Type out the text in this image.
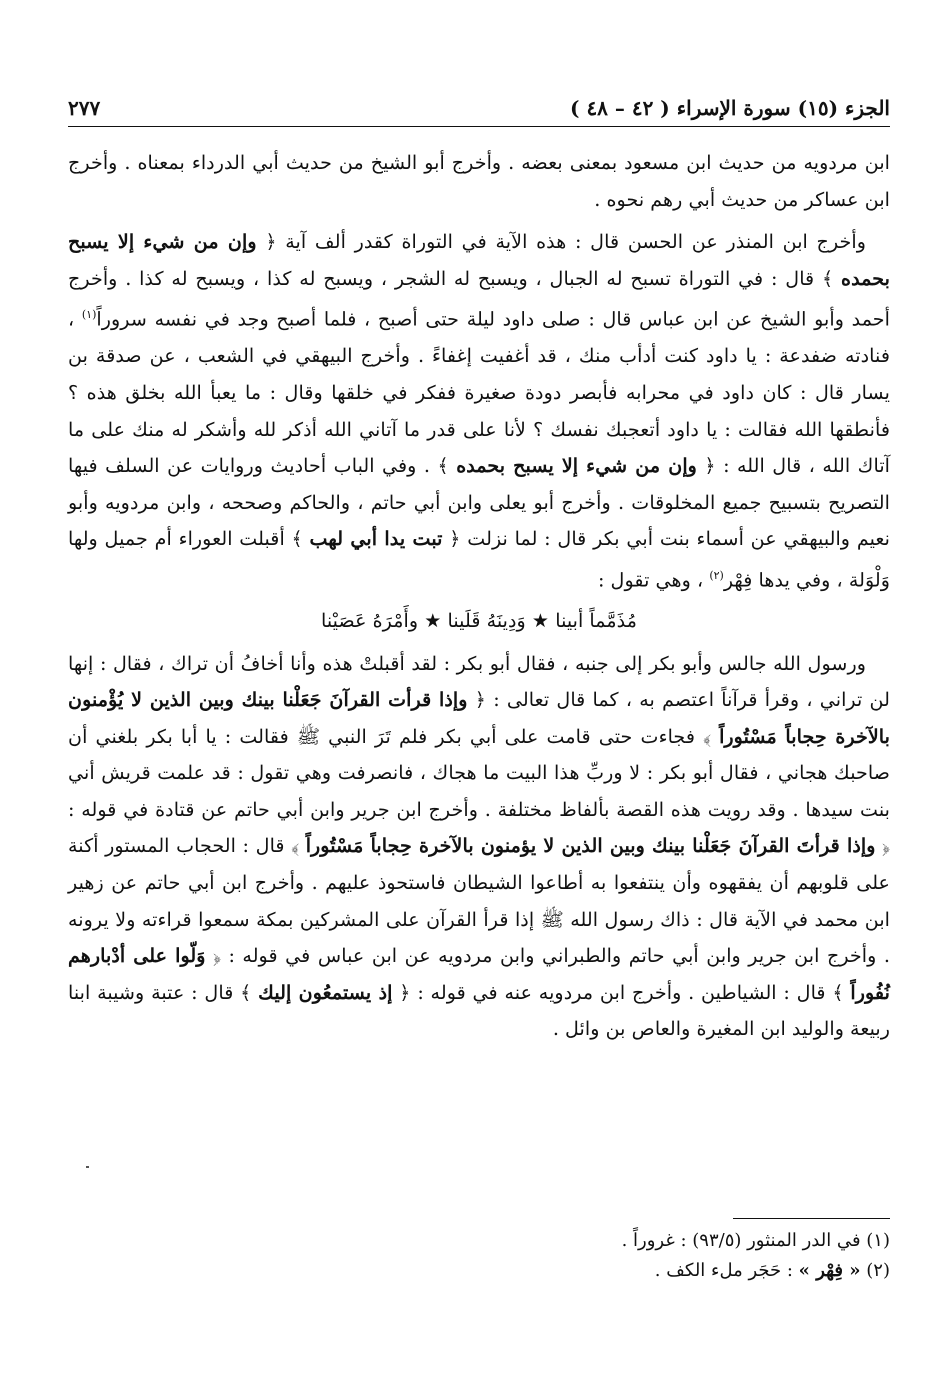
الجزء (١٥) سورة الإسراء ( ٤٢ – ٤٨ )
٢٧٧

ابن مردويه من حديث ابن مسعود بمعنى بعضه . وأخرج أبو الشيخ من حديث أبي الدرداء بمعناه . وأخرج ابن عساكر من حديث أبي رهم نحوه .

وأخرج ابن المنذر عن الحسن قال : هذه الآية في التوراة كقدر ألف آية ﴿ وإن من شيء إلا يسبح بحمده ﴾ قال : في التوراة تسبح له الجبال ، ويسبح له الشجر ، ويسبح له كذا ، ويسبح له كذا . وأخرج أحمد وأبو الشيخ عن ابن عباس قال : صلى داود ليلة حتى أصبح ، فلما أصبح وجد في نفسه سروراً$^{(١)}$ ، فنادته ضفدعة : يا داود كنت أدأب منك ، قد أغفيت إغفاءً . وأخرج البيهقي في الشعب ، عن صدقة بن يسار قال : كان داود في محرابه فأبصر دودة صغيرة ففكر في خلقها وقال : ما يعبأ الله بخلق هذه ؟ فأنطقها الله فقالت : يا داود أتعجبك نفسك ؟ لأنا على قدر ما آتاني الله أذكر لله وأشكر له منك على ما آتاك الله ، قال الله : ﴿ وإن من شيء إلا يسبح بحمده ﴾ . وفي الباب أحاديث وروايات عن السلف فيها التصريح بتسبيح جميع المخلوقات . وأخرج أبو يعلى وابن أبي حاتم ، والحاكم وصححه ، وابن مردويه وأبو نعيم والبيهقي عن أسماء بنت أبي بكر قال : لما نزلت ﴿ تبت يدا أبي لهب ﴾ أقبلت العوراء أم جميل ولها وَلْوَلة ، وفي يدها فِهْر$^{(٢)}$ ، وهي تقول :

مُذَمَّماً أبينا ★ وَدِينَهُ قَلَينا ★ وأَمْرَهُ عَصَيْنا

ورسول الله جالس وأبو بكر إلى جنبه ، فقال أبو بكر : لقد أقبلتْ هذه وأنا أخافُ أن تراك ، فقال : إنها لن تراني ، وقرأ قرآناً اعتصم به ، كما قال تعالى : ﴿ وإذا قرأت القرآنَ جَعَلْنا بينك وبين الذين لا يُؤْمنون بالآخرة حِجاباً مَسْتُوراً ﴾ فجاءت حتى قامت على أبي بكر فلم تَرَ النبي ﷺ فقالت : يا أبا بكر بلغني أن صاحبك هجاني ، فقال أبو بكر : لا وربِّ هذا البيت ما هجاك ، فانصرفت وهي تقول : قد علمت قريش أني بنت سيدها . وقد رويت هذه القصة بألفاظ مختلفة . وأخرج ابن جرير وابن أبي حاتم عن قتادة في قوله : ﴿ وإذا قرأتَ القرآنَ جَعَلْنا بينك وبين الذين لا يؤمنون بالآخرة حِجاباً مَسْتُوراً ﴾ قال : الحجاب المستور أكنة على قلوبهم أن يفقهوه وأن ينتفعوا به أطاعوا الشيطان فاستحوذ عليهم . وأخرج ابن أبي حاتم عن زهير ابن محمد في الآية قال : ذاك رسول الله ﷺ إذا قرأ القرآن على المشركين بمكة سمعوا قراءته ولا يرونه . وأخرج ابن جرير وابن أبي حاتم والطبراني وابن مردويه عن ابن عباس في قوله : ﴿ وَلّوا على أدْبارهم نُفُوراً ﴾ قال : الشياطين . وأخرج ابن مردويه عنه في قوله : ﴿ إذ يستمعُون إليك ﴾ قال : عتبة وشيبة ابنا ربيعة والوليد ابن المغيرة والعاص بن وائل .

(١) في الدر المنثور (٩٣/٥) : غروراً .
(٢) « فِهْر » : حَجَر ملء الكف .
